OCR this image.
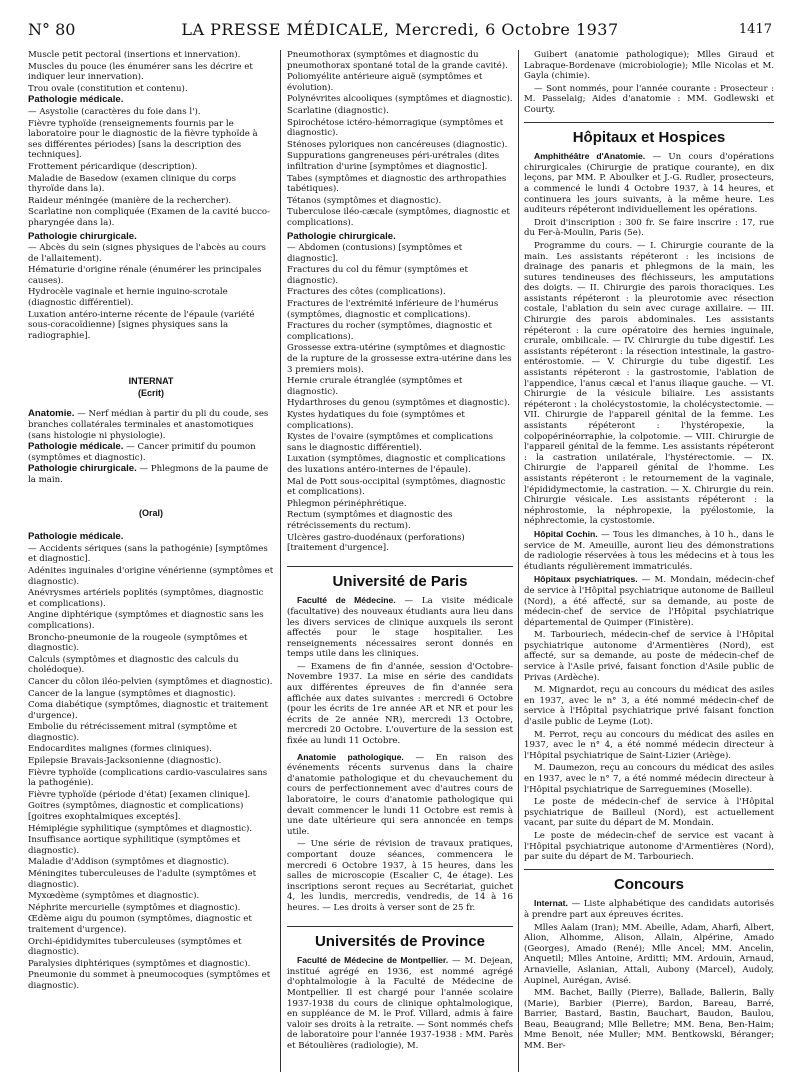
N° 80	LA PRESSE MÉDICALE, Mercredi, 6 Octobre 1937	1417
Muscle petit pectoral (insertions et innervation).
Muscles du pouce (les énumérer sans les décrire et indiquer leur innervation).
Trou ovale (constitution et contenu).
Pathologie médicale.
— Asystolie (caractères du foie dans l').
Fièvre typhoïde (renseignements fournis par le laboratoire pour le diagnostic de la fièvre typhoïde à ses différentes périodes) [sans la description des techniques].
Frottement péricardique (description).
Maladie de Basedow (examen clinique du corps thyroïde dans la).
Raideur méningée (manière de la rechercher).
Scarlatine non compliquée (Examen de la cavité bucco-pharyngée dans la).
Pathologie chirurgicale.
— Abcès du sein (signes physiques de l'abcès au cours de l'allaitement).
Hématurie d'origine rénale (énumérer les principales causes).
Hydrocèle vaginale et hernie inguino-scrotale (diagnostic différentiel).
Luxation antéro-interne récente de l'épaule (variété sous-coracoïdienne) [signes physiques sans la radiographie].
INTERNAT
(Ecrit)
Anatomie. — Nerf médian à partir du pli du coude, ses branches collatérales terminales et anastomotiques (sans histologie ni physiologie).
Pathologie médicale. — Cancer primitif du poumon (symptômes et diagnostic).
Pathologie chirurgicale. — Phlegmons de la paume de la main.
(Oral)
Pathologie médicale.
— Accidents sériques (sans la pathogénie) [symptômes et diagnostic].
Adénites inguinales d'origine vénérienne (symptômes et diagnostic).
Anévrysmes artériels poplités (symptômes, diagnostic et complications).
Angine diphtérique (symptômes et diagnostic sans les complications).
Broncho-pneumonie de la rougeole (symptômes et diagnostic).
Calculs (symptômes et diagnostic des calculs du cholédoque).
Cancer du côlon iléo-pelvien (symptômes et diagnostic).
Cancer de la langue (symptômes et diagnostic).
Coma diabétique (symptômes, diagnostic et traitement d'urgence).
Embolie du rétrécissement mitral (symptôme et diagnostic).
Endocardites malignes (formes cliniques).
Epilepsie Bravais-Jacksonienne (diagnostic).
Fièvre typhoïde (complications cardio-vasculaires sans la pathogénie).
Fièvre typhoïde (période d'état) [examen clinique].
Goitres (symptômes, diagnostic et complications) [goitres exophtalmiques exceptés].
Hémiplégie syphilitique (symptômes et diagnostic).
Insuffisance aortique syphilitique (symptômes et diagnostic).
Maladie d'Addison (symptômes et diagnostic).
Méningites tuberculeuses de l'adulte (symptômes et diagnostic).
Myxœdème (symptômes et diagnostic).
Néphrite mercurielle (symptômes et diagnostic).
Œdème aigu du poumon (symptômes, diagnostic et traitement d'urgence).
Orchi-épididymites tuberculeuses (symptômes et diagnostic).
Paralysies diphtériques (symptômes et diagnostic).
Pneumonie du sommet à pneumocoques (symptômes et diagnostic).
Pneumothorax (symptômes et diagnostic du pneumothorax spontané total de la grande cavité).
Poliomyélite antérieure aiguë (symptômes et évolution).
Polynévrites alcooliques (symptômes et diagnostic).
Scarlatine (diagnostic).
Spirochétose ictéro-hémorragique (symptômes et diagnostic).
Sténoses pyloriques non cancéreuses (diagnostic).
Suppurations gangreneuses péri-urétrales (dites infiltration d'urine [symptômes et diagnostic].
Tabes (symptômes et diagnostic des arthropathies tabétiques).
Tétanos (symptômes et diagnostic).
Tuberculose iléo-cæcale (symptômes, diagnostic et complications).
Pathologie chirurgicale.
— Abdomen (contusions) [symptômes et diagnostic].
Fractures du col du fémur (symptômes et diagnostic).
Fractures des côtes (complications).
Fractures de l'extrémité inférieure de l'humérus (symptômes, diagnostic et complications).
Fractures du rocher (symptômes, diagnostic et complications).
Grossesse extra-utérine (symptômes et diagnostic de la rupture de la grossesse extra-utérine dans les 3 premiers mois).
Hernie crurale étranglée (symptômes et diagnostic).
Hydarthroses du genou (symptômes et diagnostic).
Kystes hydatiques du foie (symptômes et complications).
Kystes de l'ovaire (symptômes et complications sans le diagnostic différentiel).
Luxation (symptômes, diagnostic et complications des luxations antéro-internes de l'épaule).
Mal de Pott sous-occipital (symptômes, diagnostic et complications).
Phlegmon périnéphrétique.
Rectum (symptômes et diagnostic des rétrécissements du rectum).
Ulcères gastro-duodénaux (perforations) [traitement d'urgence].
Université de Paris

Faculté de Médecine. — La visite médicale (facultative) des nouveaux étudiants aura lieu dans les divers services de clinique auxquels ils seront affectés pour le stage hospitalier. Les renseignements nécessaires seront donnés en temps utile dans les cliniques.

— Examens de fin d'année, session d'Octobre-Novembre 1937. La mise en série des candidats aux différentes épreuves de fin d'année sera affichée aux dates suivantes : mercredi 6 Octobre (pour les écrits de 1re année AR et NR et pour les écrits de 2e année NR), mercredi 13 Octobre, mercredi 20 Octobre. L'ouverture de la session est fixée au lundi 11 Octobre.

Anatomie pathologique. — En raison des événements récents survenus dans la chaire d'anatomie pathologique et du chevauchement du cours de perfectionnement avec d'autres cours de laboratoire, le cours d'anatomie pathologique qui devait commencer le lundi 11 Octobre est remis à une date ultérieure qui sera annoncée en temps utile.

— Une série de révision de travaux pratiques, comportant douze séances, commencera le mercredi 6 Octobre 1937, à 15 heures, dans les salles de microscopie (Escalier C, 4e étage). Les inscriptions seront reçues au Secrétariat, guichet 4, les lundis, mercredis, vendredis, de 14 à 16 heures. — Les droits à verser sont de 25 fr.

Universités de Province

Faculté de Médecine de Montpellier. — M. Dejean, institué agrégé en 1936, est nommé agrégé d'ophtalmologie à la Faculté de Médecine de Montpellier. Il est chargé pour l'année scolaire 1937-1938 du cours de clinique ophtalmologique, en suppléance de M. le Prof. Villard, admis à faire valoir ses droits à la retraite. — Sont nommés chefs de laboratoire pour l'année 1937-1938 : MM. Parès et Bétoulières (radiologie), M.

Guibert (anatomie pathologique); Mlles Giraud et Labraque-Bordenave (microbiologie); Mlle Nicolas et M. Gayla (chimie).

— Sont nommés, pour l'année courante : Prosecteur : M. Passelaig; Aides d'anatomie : MM. Godlewski et Courty.

Hôpitaux et Hospices

Amphithéâtre d'Anatomie. — Un cours d'opérations chirurgicales (Chirurgie de pratique courante), en dix leçons, par MM. P. Aboulker et J.-G. Rudler, prosecteurs, a commencé le lundi 4 Octobre 1937, à 14 heures, et continuera les jours suivants, à la même heure. Les auditeurs répéteront individuellement les opérations.

Droit d'inscription : 300 fr. Se faire inscrire : 17, rue du Fer-à-Moulin, Paris (5e).

Programme du cours. — I. Chirurgie courante de la main. Les assistants répéteront : les incisions de drainage des panaris et phlegmons de la main, les sutures tendineuses des fléchisseurs, les amputations des doigts. — II. Chirurgie des parois thoraciques. Les assistants répéteront : la pleurotomie avec résection costale, l'ablation du sein avec curage axillaire. — III. Chirurgie des parois abdominales. Les assistants répéteront : la cure opératoire des hernies inguinale, crurale, ombilicale. — IV. Chirurgie du tube digestif. Les assistants répéteront : la résection intestinale, la gastro-entérostomie. — V. Chirurgie du tube digestif. Les assistants répéteront : la gastrostomie, l'ablation de l'appendice, l'anus cæcal et l'anus iliaque gauche. — VI. Chirurgie de la vésicule biliaire. Les assistants répéteront : la cholécystostomie, la cholécystectomie. — VII. Chirurgie de l'appareil génital de la femme. Les assistants répéteront : l'hystéropexie, la colpopérinéorraphie, la colpotomie. — VIII. Chirurgie de l'appareil génital de la femme. Les assistants répéteront : la castration unilatérale, l'hystérectomie. — IX. Chirurgie de l'appareil génital de l'homme. Les assistants répéteront : le retournement de la vaginale, l'épididymectomie, la castration. — X. Chirurgie du rein. Chirurgie vésicale. Les assistants répéteront : la néphrostomie, la néphropexie, la pyélostomie, la néphrectomie, la cystostomie.

Hôpital Cochin. — Tous les dimanches, à 10 h., dans le service de M. Ameuille, auront lieu des démonstrations de radiologie réservées à tous les médecins et à tous les étudiants régulièrement immatriculés.

Hôpitaux psychiatriques. — M. Mondain, médecin-chef de service à l'Hôpital psychiatrique autonome de Bailleul (Nord), a été affecté, sur sa demande, au poste de médecin-chef de service de l'Hôpital psychiatrique départemental de Quimper (Finistère).

M. Tarbouriech, médecin-chef de service à l'Hôpital psychiatrique autonome d'Armentières (Nord), est affecté, sur sa demande, au poste de médecin-chef de service à l'Asile privé, faisant fonction d'Asile public de Privas (Ardèche).

M. Mignardot, reçu au concours du médicat des asiles en 1937, avec le n° 3, a été nommé médecin-chef de service à l'Hôpital psychiatrique privé faisant fonction d'asile public de Leyme (Lot).

M. Perrot, reçu au concours du médicat des asiles en 1937, avec le n° 4, a été nommé médecin directeur à l'Hôpital psychiatrique de Saint-Lizier (Ariège).

M. Daumezon, reçu au concours du médicat des asiles en 1937, avec le n° 7, a été nommé médecin directeur à l'Hôpital psychiatrique de Sarreguemines (Moselle).

Le poste de médecin-chef de service à l'Hôpital psychiatrique de Bailleul (Nord), est actuellement vacant, par suite du départ de M. Mondain.

Le poste de médecin-chef de service est vacant à l'Hôpital psychiatrique autonome d'Armentières (Nord), par suite du départ de M. Tarbouriech.

Concours

Internat. — Liste alphabétique des candidats autorisés à prendre part aux épreuves écrites.

Mlles Aalam (Iran); MM. Abeille, Adam, Aharfi, Albert, Alion, Alhomme, Alison, Allain, Alpérine, Amado (Georges), Amado (René); Mlle Ancel; MM. Ancelin, Anquetil; Mlles Antoine, Arditti; MM. Ardouin, Arnaud, Arnavielle, Aslanian, Attali, Aubony (Marcel), Audoly, Aupinel, Aurégan, Avisé.

MM. Bachet, Bailly (Pierre), Ballade, Ballerin, Bally (Marie), Barbier (Pierre), Bardon, Bareau, Barré, Barrier, Bastard, Bastin, Bauchart, Baudon, Baulou, Beau, Beaugrand; Mlle Belletre; MM. Bena, Ben-Haim; Mme Benoit, née Muller; MM. Bentkowski, Béranger; MM. Ber-
